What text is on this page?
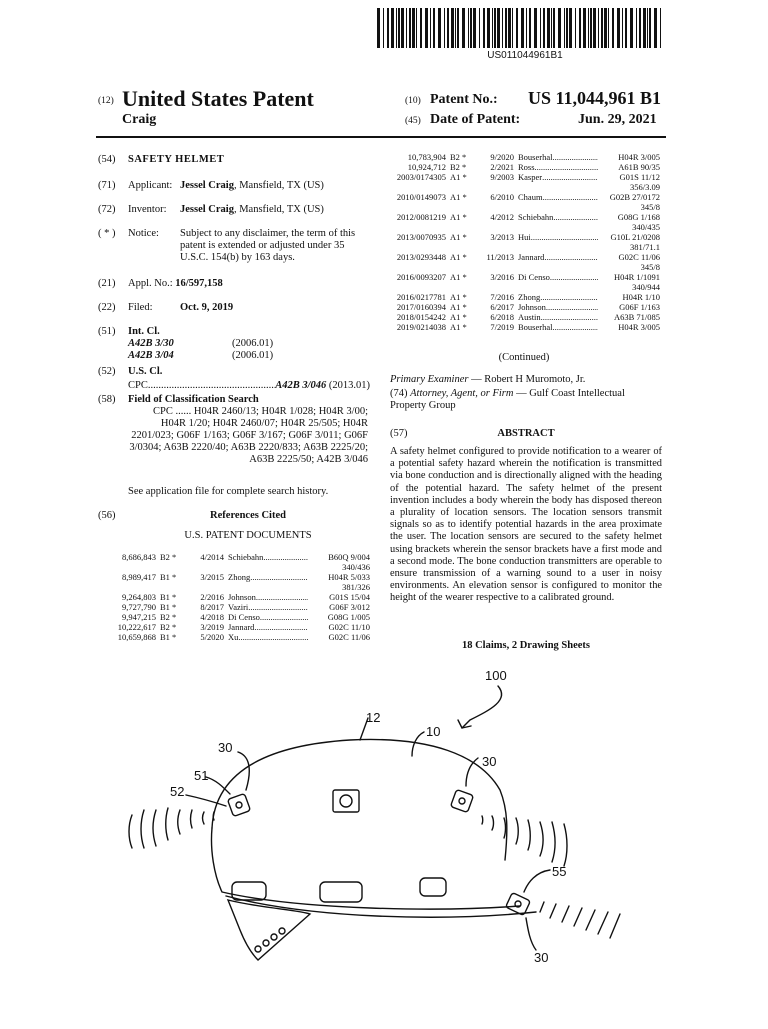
US011044961B1
(12) United States Patent
Craig
(10) Patent No.: US 11,044,961 B1
(45) Date of Patent:	Jun. 29, 2021
(54) SAFETY HELMET
(71) Applicant: Jessel Craig, Mansfield, TX (US)
(72) Inventor: Jessel Craig, Mansfield, TX (US)
( * ) Notice: Subject to any disclaimer, the term of this patent is extended or adjusted under 35 U.S.C. 154(b) by 163 days.
(21) Appl. No.: 16/597,158
(22) Filed:	Oct. 9, 2019
(51) Int. Cl.
A42B 3/30	(2006.01)
A42B 3/04	(2006.01)
(52) U.S. Cl.
CPC
.....	A42B 3/046
(2013.01)
(58) Field of Classification Search
CPC ...... H04R 2460/13; H04R 1/028; H04R 3/00; H04R 1/20; H04R 2460/07; H04R 25/505; H04R 2201/023; G06F 1/163; G06F 3/167; G06F 3/011; G06F 3/0304; A63B 2220/40; A63B 2220/833; A63B 2225/20; A63B 2225/50; A42B 3/046
See application file for complete search history.
(56)	References Cited
U.S. PATENT DOCUMENTS
8,686,843 B2 *	4/2014 Schiebahn .....	B60Q 9/004
340/436
8,989,417 B1 *	3/2015 Zhong .....	H04R 5/033
381/326
9,264,803 B1 *	2/2016 Johnson .....	G01S 15/04
9,727,790 B1 *	8/2017 Vaziri .....	G06F 3/012
9,947,215 B2 *	4/2018 Di Censo .....	G08G 1/005
10,222,617 B2 *	3/2019 Jannard .....	G02C 11/10
10,659,868 B1 *	5/2020 Xu .....	G02C 11/06
10,783,904 B2 *	9/2020 Bouserhal .....	H04R 3/005
10,924,712 B2 *	2/2021 Ross .....	A61B 90/35
2003/0174305 A1 *	9/2003 Kasper .....	G01S 11/12
356/3.09
2010/0149073 A1 *	6/2010 Chaum .....	G02B 27/0172
345/8
2012/0081219 A1 *	4/2012 Schiebahn .....	G08G 1/168
340/435
2013/0070935 A1 *	3/2013 Hui .....	G10L 21/0208
381/71.1
2013/0293448 A1 *	11/2013 Jannard .....	G02C 11/06
345/8
2016/0093207 A1 *	3/2016 Di Censo .....	H04R 1/1091
340/944
2016/0217781 A1 *	7/2016 Zhong .....	H04R 1/10
2017/0160394 A1 *	6/2017 Johnson .....	G06F 1/163
2018/0154242 A1 *	6/2018 Austin .....	A63B 71/085
2019/0214038 A1 *	7/2019 Bouserhal .....	H04R 3/005
(Continued)
Primary Examiner — Robert H Muromoto, Jr.
(74) Attorney, Agent, or Firm — Gulf Coast Intellectual Property Group
(57)	ABSTRACT
A safety helmet configured to provide notification to a wearer of a potential safety hazard wherein the notification is transmitted via bone conduction and is directionally aligned with the heading of the potential hazard. The safety helmet of the present invention includes a body wherein the body has disposed thereon a plurality of location sensors. The location sensors transmit signals so as to identify potential hazards in the area proximate the user. The location sensors are secured to the safety helmet using brackets wherein the sensor brackets have a first mode and a second mode. The bone conduction transmitters are operable to ensure transmission of a warning sound to a user in noisy environments. An elevation sensor is configured to monitor the height of the wearer respective to a calibrated ground.
18 Claims, 2 Drawing Sheets
100
12
10
30
30
51
52
55
30
